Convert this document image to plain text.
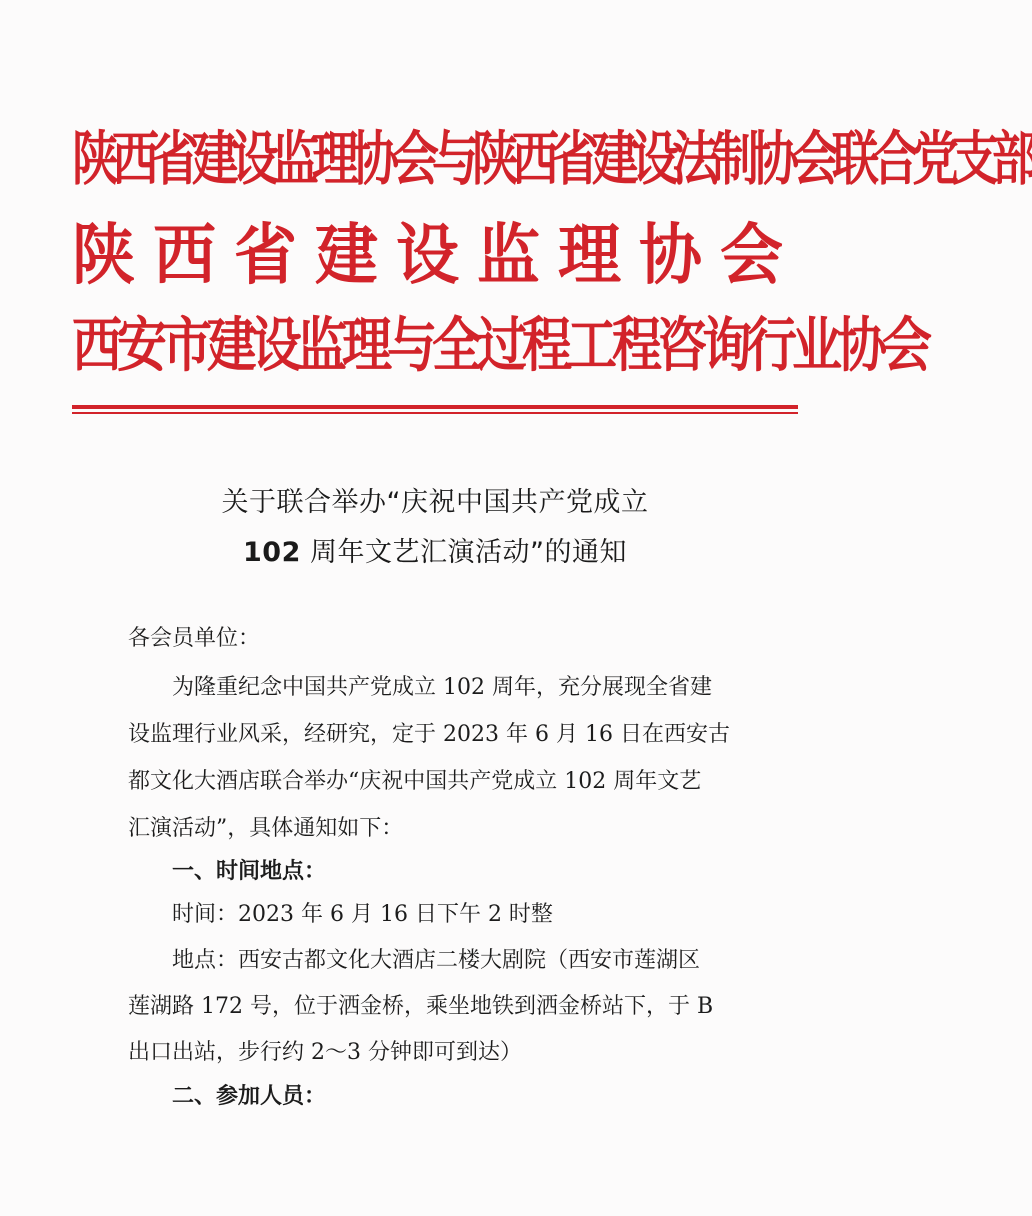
陕西省建设监理协会与陕西省建设法制协会联合党支部
陕西省建设监理协会
西安市建设监理与全过程工程咨询行业协会
关于联合举办“庆祝中国共产党成立
102 周年文艺汇演活动”的通知
各会员单位：
为隆重纪念中国共产党成立 102 周年，充分展现全省建
设监理行业风采，经研究，定于 2023 年 6 月 16 日在西安古
都文化大酒店联合举办“庆祝中国共产党成立 102 周年文艺
汇演活动”，具体通知如下：
一、时间地点：
时间：2023 年 6 月 16 日下午 2 时整
地点：西安古都文化大酒店二楼大剧院（西安市莲湖区
莲湖路 172 号，位于洒金桥，乘坐地铁到洒金桥站下，于 B
出口出站，步行约 2～3 分钟即可到达）
二、参加人员：
